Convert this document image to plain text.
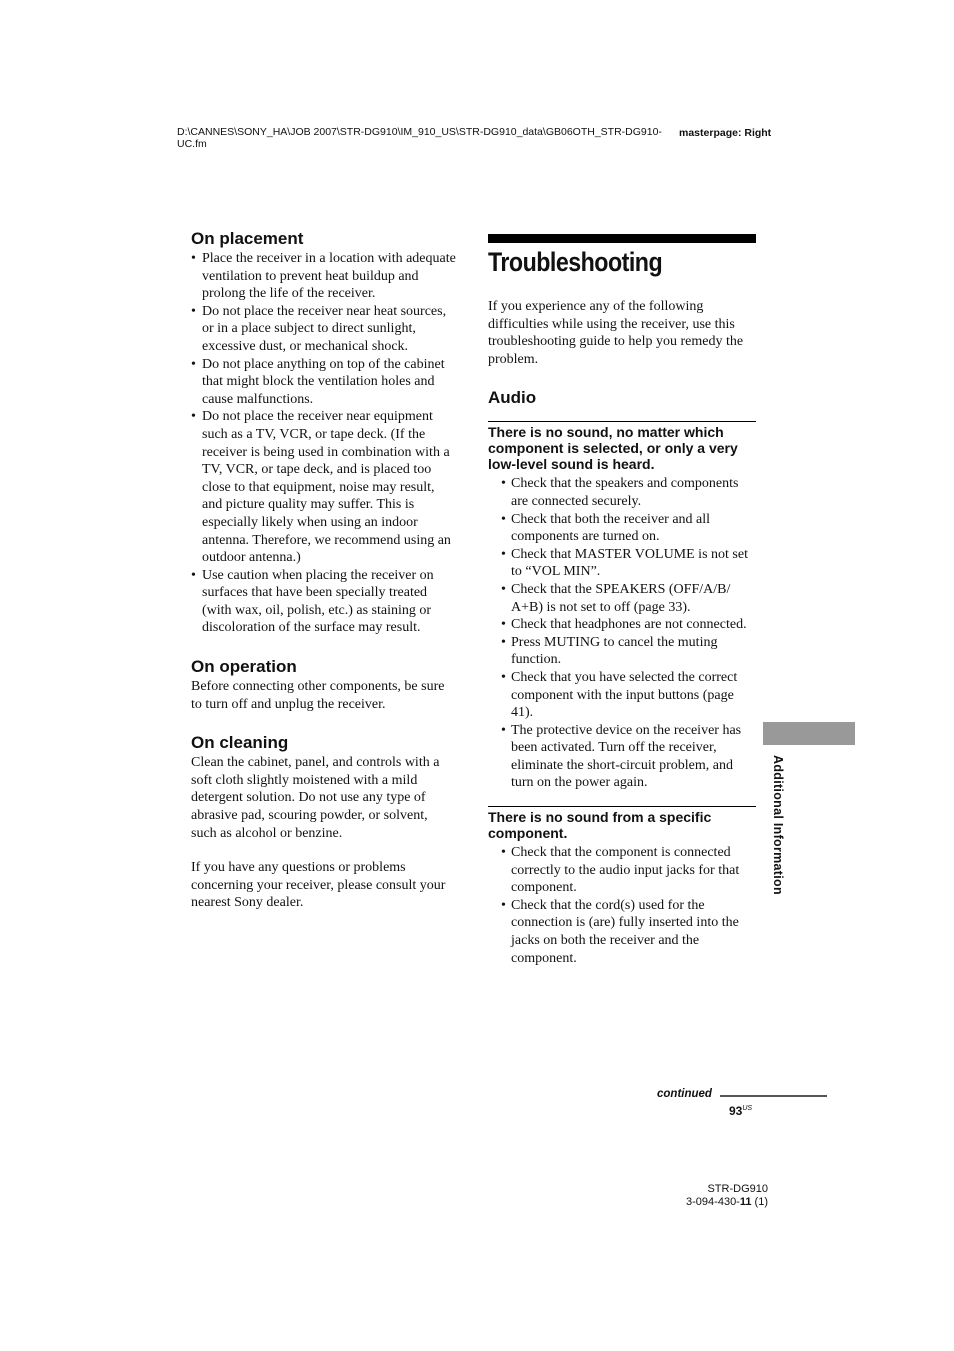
D:\CANNES\SONY_HA\JOB 2007\STR-DG910\IM_910_US\STR-DG910_data\GB06OTH_STR-DG910-UC.fm
masterpage: Right
On placement
• Place the receiver in a location with adequate ventilation to prevent heat buildup and prolong the life of the receiver.
• Do not place the receiver near heat sources, or in a place subject to direct sunlight, excessive dust, or mechanical shock.
• Do not place anything on top of the cabinet that might block the ventilation holes and cause malfunctions.
• Do not place the receiver near equipment such as a TV, VCR, or tape deck. (If the receiver is being used in combination with a TV, VCR, or tape deck, and is placed too close to that equipment, noise may result, and picture quality may suffer. This is especially likely when using an indoor antenna. Therefore, we recommend using an outdoor antenna.)
• Use caution when placing the receiver on surfaces that have been specially treated (with wax, oil, polish, etc.) as staining or discoloration of the surface may result.
On operation
Before connecting other components, be sure to turn off and unplug the receiver.
On cleaning
Clean the cabinet, panel, and controls with a soft cloth slightly moistened with a mild detergent solution. Do not use any type of abrasive pad, scouring powder, or solvent, such as alcohol or benzine.
If you have any questions or problems concerning your receiver, please consult your nearest Sony dealer.
Troubleshooting
If you experience any of the following difficulties while using the receiver, use this troubleshooting guide to help you remedy the problem.
Audio
There is no sound, no matter which component is selected, or only a very low-level sound is heard.
• Check that the speakers and components are connected securely.
• Check that both the receiver and all components are turned on.
• Check that MASTER VOLUME is not set to “VOL MIN”.
• Check that the SPEAKERS (OFF/A/B/ A+B) is not set to off (page 33).
• Check that headphones are not connected.
• Press MUTING to cancel the muting function.
• Check that you have selected the correct component with the input buttons (page 41).
• The protective device on the receiver has been activated. Turn off the receiver, eliminate the short-circuit problem, and turn on the power again.
There is no sound from a specific component.
• Check that the component is connected correctly to the audio input jacks for that component.
• Check that the cord(s) used for the connection is (are) fully inserted into the jacks on both the receiver and the component.
Additional Information
continued
$93^{US}$
STR-DG910
3-094-430-11 (1)
